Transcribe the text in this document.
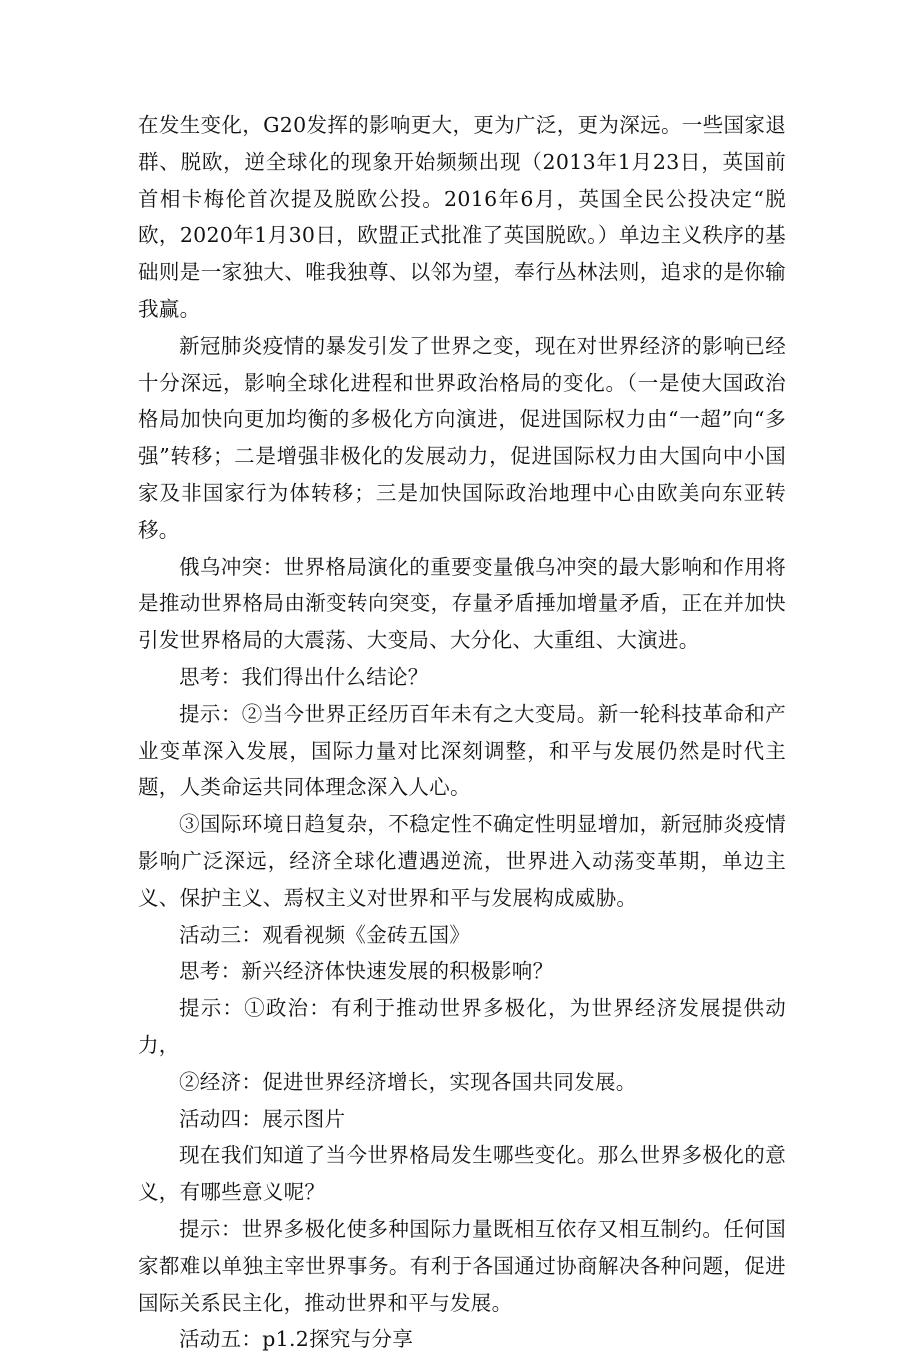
在发生变化，G20发挥的影响更大，更为广泛，更为深远。一些国家退群、脱欧，逆全球化的现象开始频频出现（2013年1月23日，英国前首相卡梅伦首次提及脱欧公投。2016年6月，英国全民公投决定“脱欧，2020年1月30日，欧盟正式批准了英国脱欧。）单边主义秩序的基础则是一家独大、唯我独尊、以邻为望，奉行丛林法则，追求的是你输我赢。

新冠肺炎疫情的暴发引发了世界之变，现在对世界经济的影响已经十分深远，影响全球化进程和世界政治格局的变化。（一是使大国政治格局加快向更加均衡的多极化方向演进，促进国际权力由“一超”向“多强”转移；二是增强非极化的发展动力，促进国际权力由大国向中小国家及非国家行为体转移；三是加快国际政治地理中心由欧美向东亚转移。

俄乌冲突：世界格局演化的重要变量俄乌冲突的最大影响和作用将是推动世界格局由渐变转向突变，存量矛盾捶加增量矛盾，正在并加快引发世界格局的大震荡、大变局、大分化、大重组、大演进。

思考：我们得出什么结论？

提示：②当今世界正经历百年未有之大变局。新一轮科技革命和产业变革深入发展，国际力量对比深刻调整，和平与发展仍然是时代主题，人类命运共同体理念深入人心。

③国际环境日趋复杂，不稳定性不确定性明显增加，新冠肺炎疫情影响广泛深远，经济全球化遭遇逆流，世界进入动荡变革期，单边主义、保护主义、焉权主义对世界和平与发展构成威胁。

活动三：观看视频《金砖五国》

思考：新兴经济体快速发展的积极影响？

提示：①政治：有利于推动世界多极化，为世界经济发展提供动力，

②经济：促进世界经济增长，实现各国共同发展。

活动四：展示图片

现在我们知道了当今世界格局发生哪些变化。那么世界多极化的意义，有哪些意义呢？

提示：世界多极化使多种国际力量既相互依存又相互制约。任何国家都难以单独主宰世界事务。有利于各国通过协商解决各种问题，促进国际关系民主化，推动世界和平与发展。

活动五：p1.2探究与分享
